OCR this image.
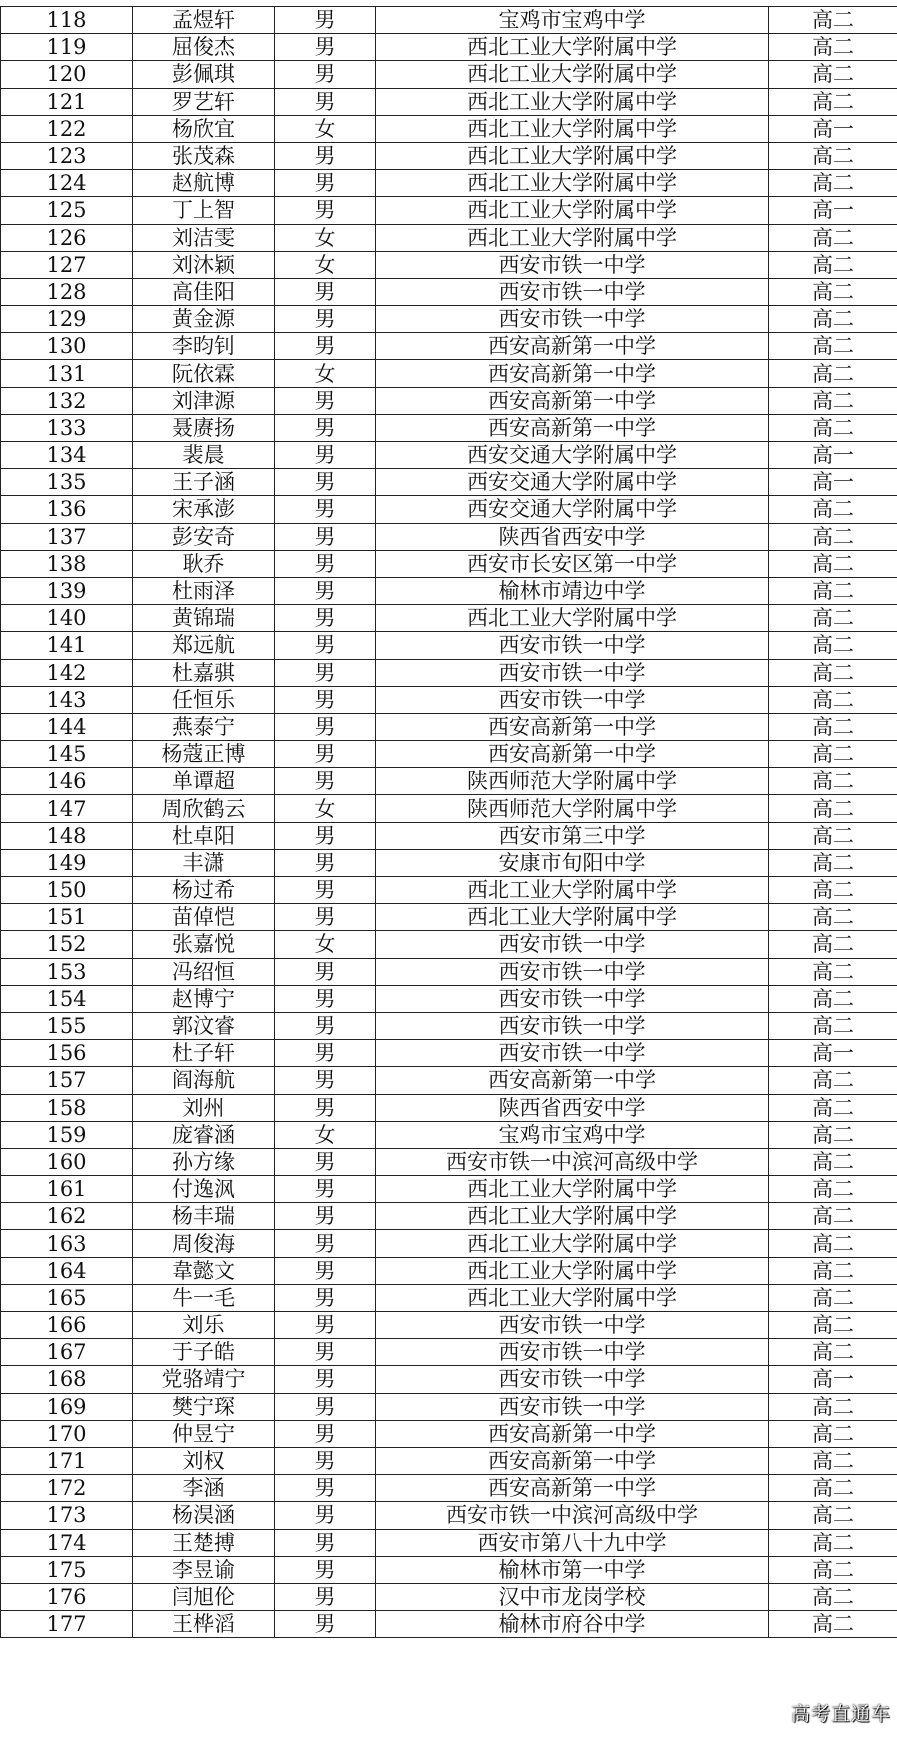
118	孟煜轩	男	宝鸡市宝鸡中学	高二
119	屈俊杰	男	西北工业大学附属中学	高二
120	彭佩琪	男	西北工业大学附属中学	高二
121	罗艺轩	男	西北工业大学附属中学	高二
122	杨欣宜	女	西北工业大学附属中学	高一
123	张茂森	男	西北工业大学附属中学	高二
124	赵航博	男	西北工业大学附属中学	高二
125	丁上智	男	西北工业大学附属中学	高一
126	刘洁雯	女	西北工业大学附属中学	高二
127	刘沐颖	女	西安市铁一中学	高二
128	高佳阳	男	西安市铁一中学	高二
129	黄金源	男	西安市铁一中学	高二
130	李昀钊	男	西安高新第一中学	高二
131	阮依霖	女	西安高新第一中学	高二
132	刘津源	男	西安高新第一中学	高二
133	聂赓扬	男	西安高新第一中学	高二
134	裴晨	男	西安交通大学附属中学	高一
135	王子涵	男	西安交通大学附属中学	高一
136	宋承澎	男	西安交通大学附属中学	高二
137	彭安奇	男	陕西省西安中学	高二
138	耿乔	男	西安市长安区第一中学	高二
139	杜雨泽	男	榆林市靖边中学	高二
140	黄锦瑞	男	西北工业大学附属中学	高二
141	郑远航	男	西安市铁一中学	高二
142	杜嘉骐	男	西安市铁一中学	高二
143	任恒乐	男	西安市铁一中学	高二
144	燕泰宁	男	西安高新第一中学	高二
145	杨蔻正博	男	西安高新第一中学	高二
146	单谭超	男	陕西师范大学附属中学	高二
147	周欣鹤云	女	陕西师范大学附属中学	高二
148	杜卓阳	男	西安市第三中学	高二
149	丰潇	男	安康市旬阳中学	高二
150	杨过希	男	西北工业大学附属中学	高二
151	苗倬恺	男	西北工业大学附属中学	高二
152	张嘉悦	女	西安市铁一中学	高二
153	冯绍恒	男	西安市铁一中学	高二
154	赵博宁	男	西安市铁一中学	高二
155	郭汶睿	男	西安市铁一中学	高二
156	杜子轩	男	西安市铁一中学	高一
157	阎海航	男	西安高新第一中学	高二
158	刘州	男	陕西省西安中学	高二
159	庞睿涵	女	宝鸡市宝鸡中学	高二
160	孙方缘	男	西安市铁一中滨河高级中学	高二
161	付逸沨	男	西北工业大学附属中学	高二
162	杨丰瑞	男	西北工业大学附属中学	高二
163	周俊海	男	西北工业大学附属中学	高二
164	韋懿文	男	西北工业大学附属中学	高二
165	牛一毛	男	西北工业大学附属中学	高二
166	刘乐	男	西安市铁一中学	高二
167	于子皓	男	西安市铁一中学	高二
168	党骆靖宁	男	西安市铁一中学	高一
169	樊宁琛	男	西安市铁一中学	高二
170	仲昱宁	男	西安高新第一中学	高二
171	刘权	男	西安高新第一中学	高二
172	李涵	男	西安高新第一中学	高二
173	杨淏涵	男	西安市铁一中滨河高级中学	高二
174	王楚搏	男	西安市第八十九中学	高二
175	李昱谕	男	榆林市第一中学	高二
176	闫旭伦	男	汉中市龙岗学校	高二
177	王桦滔	男	榆林市府谷中学	高二
高考直通车
